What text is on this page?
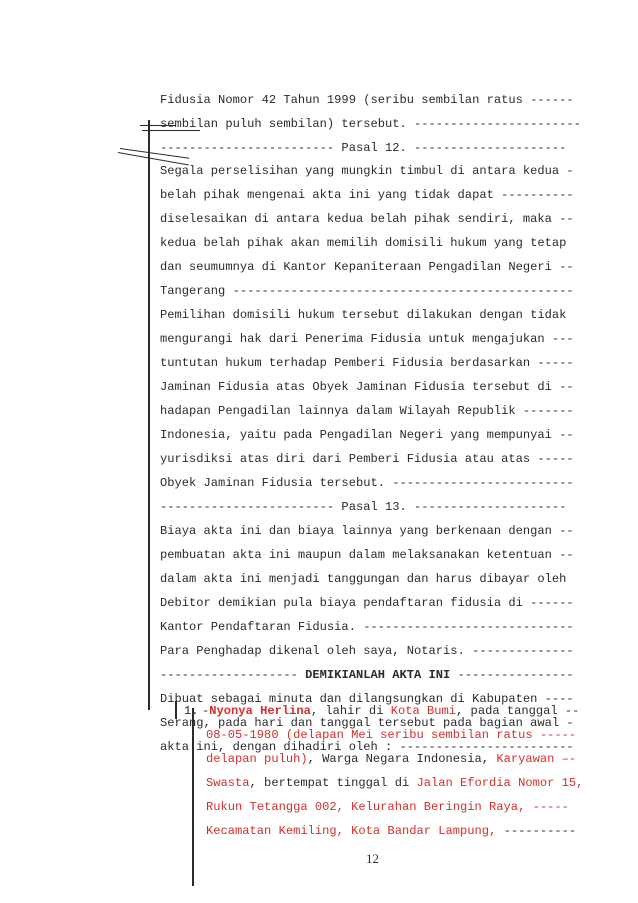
Fidusia Nomor 42 Tahun 1999 (seribu sembilan ratus ------
sembilan puluh sembilan) tersebut. -----------------------
------------------------ Pasal 12. ---------------------
Segala perselisihan yang mungkin timbul di antara kedua -
belah pihak mengenai akta ini yang tidak dapat ----------
diselesaikan di antara kedua belah pihak sendiri, maka --
kedua belah pihak akan memilih domisili hukum yang tetap
dan seumumnya di Kantor Kepaniteraan Pengadilan Negeri --
Tangerang -----------------------------------------------
Pemilihan domisili hukum tersebut dilakukan dengan tidak
mengurangi hak dari Penerima Fidusia untuk mengajukan ---
tuntutan hukum terhadap Pemberi Fidusia berdasarkan -----
Jaminan Fidusia atas Obyek Jaminan Fidusia tersebut di --
hadapan Pengadilan lainnya dalam Wilayah Republik -------
Indonesia, yaitu pada Pengadilan Negeri yang mempunyai --
yurisdiksi atas diri dari Pemberi Fidusia atau atas -----
Obyek Jaminan Fidusia tersebut. -------------------------
------------------------ Pasal 13. ---------------------
Biaya akta ini dan biaya lainnya yang berkenaan dengan --
pembuatan akta ini maupun dalam melaksanakan ketentuan --
dalam akta ini menjadi tanggungan dan harus dibayar oleh
Debitor demikian pula biaya pendaftaran fidusia di ------
Kantor Pendaftaran Fidusia. -----------------------------
Para Penghadap dikenal oleh saya, Notaris. --------------
------------------- DEMIKIANLAH AKTA INI ----------------
Dibuat sebagai minuta dan dilangsungkan di Kabupaten ----
Serang, pada hari dan tanggal tersebut pada bagian awal -
akta ini, dengan dihadiri oleh : ------------------------
1. -Nyonya Herlina, lahir di Kota Bumi, pada tanggal --
08-05-1980 (delapan Mei seribu sembilan ratus -----
delapan puluh), Warga Negara Indonesia, Karyawan –-
Swasta, bertempat tinggal di Jalan Efordia Nomor 15,
Rukun Tetangga 002, Kelurahan Beringin Raya, -----
Kecamatan Kemiling, Kota Bandar Lampung, ----------
12
